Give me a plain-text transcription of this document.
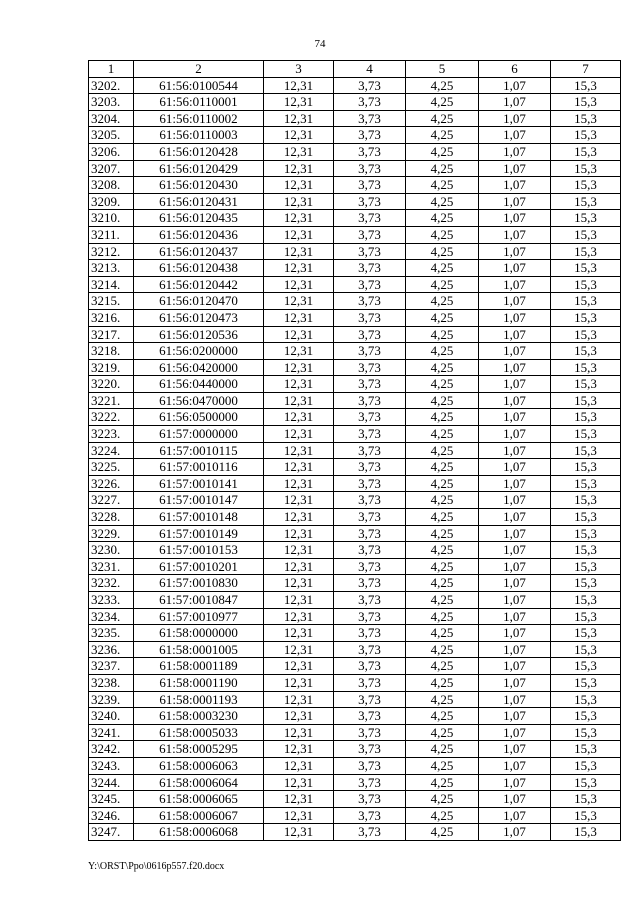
74
1	2	3	4	5	6	7
3202.	61:56:0100544	12,31	3,73	4,25	1,07	15,3
3203.	61:56:0110001	12,31	3,73	4,25	1,07	15,3
3204.	61:56:0110002	12,31	3,73	4,25	1,07	15,3
3205.	61:56:0110003	12,31	3,73	4,25	1,07	15,3
3206.	61:56:0120428	12,31	3,73	4,25	1,07	15,3
3207.	61:56:0120429	12,31	3,73	4,25	1,07	15,3
3208.	61:56:0120430	12,31	3,73	4,25	1,07	15,3
3209.	61:56:0120431	12,31	3,73	4,25	1,07	15,3
3210.	61:56:0120435	12,31	3,73	4,25	1,07	15,3
3211.	61:56:0120436	12,31	3,73	4,25	1,07	15,3
3212.	61:56:0120437	12,31	3,73	4,25	1,07	15,3
3213.	61:56:0120438	12,31	3,73	4,25	1,07	15,3
3214.	61:56:0120442	12,31	3,73	4,25	1,07	15,3
3215.	61:56:0120470	12,31	3,73	4,25	1,07	15,3
3216.	61:56:0120473	12,31	3,73	4,25	1,07	15,3
3217.	61:56:0120536	12,31	3,73	4,25	1,07	15,3
3218.	61:56:0200000	12,31	3,73	4,25	1,07	15,3
3219.	61:56:0420000	12,31	3,73	4,25	1,07	15,3
3220.	61:56:0440000	12,31	3,73	4,25	1,07	15,3
3221.	61:56:0470000	12,31	3,73	4,25	1,07	15,3
3222.	61:56:0500000	12,31	3,73	4,25	1,07	15,3
3223.	61:57:0000000	12,31	3,73	4,25	1,07	15,3
3224.	61:57:0010115	12,31	3,73	4,25	1,07	15,3
3225.	61:57:0010116	12,31	3,73	4,25	1,07	15,3
3226.	61:57:0010141	12,31	3,73	4,25	1,07	15,3
3227.	61:57:0010147	12,31	3,73	4,25	1,07	15,3
3228.	61:57:0010148	12,31	3,73	4,25	1,07	15,3
3229.	61:57:0010149	12,31	3,73	4,25	1,07	15,3
3230.	61:57:0010153	12,31	3,73	4,25	1,07	15,3
3231.	61:57:0010201	12,31	3,73	4,25	1,07	15,3
3232.	61:57:0010830	12,31	3,73	4,25	1,07	15,3
3233.	61:57:0010847	12,31	3,73	4,25	1,07	15,3
3234.	61:57:0010977	12,31	3,73	4,25	1,07	15,3
3235.	61:58:0000000	12,31	3,73	4,25	1,07	15,3
3236.	61:58:0001005	12,31	3,73	4,25	1,07	15,3
3237.	61:58:0001189	12,31	3,73	4,25	1,07	15,3
3238.	61:58:0001190	12,31	3,73	4,25	1,07	15,3
3239.	61:58:0001193	12,31	3,73	4,25	1,07	15,3
3240.	61:58:0003230	12,31	3,73	4,25	1,07	15,3
3241.	61:58:0005033	12,31	3,73	4,25	1,07	15,3
3242.	61:58:0005295	12,31	3,73	4,25	1,07	15,3
3243.	61:58:0006063	12,31	3,73	4,25	1,07	15,3
3244.	61:58:0006064	12,31	3,73	4,25	1,07	15,3
3245.	61:58:0006065	12,31	3,73	4,25	1,07	15,3
3246.	61:58:0006067	12,31	3,73	4,25	1,07	15,3
3247.	61:58:0006068	12,31	3,73	4,25	1,07	15,3
Y:\ORST\Ppo\0616p557.f20.docx
